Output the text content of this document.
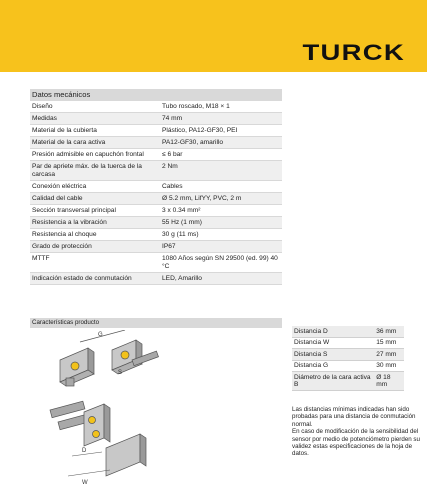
TURCK
Datos mecánicos	
Diseño	Tubo roscado, M18 × 1
Medidas	74 mm
Material de la cubierta	Plástico, PA12-GF30, PEI
Material de la cara activa	PA12-GF30, amarillo
Presión admisible en capuchón frontal	≤ 6 bar
Par de apriete máx. de la tuerca de la carcasa	2 Nm
Conexión eléctrica	Cables
Calidad del cable	Ø 5.2 mm, LifYY, PVC, 2 m
Sección transversal principal	3 x 0.34 mm²
Resistencia a la vibración	55 Hz (1 mm)
Resistencia al choque	30 g (11 ms)
Grado de protección	IP67
MTTF	1080 Años según SN 29500 (ed. 99) 40 °C
Indicación estado de conmutación	LED, Amarillo
Características producto
G
S
D
W
Distancia D	36 mm
Distancia W	15 mm
Distancia S	27 mm
Distancia G	30 mm
Diámetro de la cara activa B	Ø 18 mm

Las distancias mínimas indicadas han sido probadas para una distancia de conmutación normal.

En caso de modificación de la sensibilidad del sensor por medio de potenciómetro pierden su validez estas especificaciones de la hoja de datos.
